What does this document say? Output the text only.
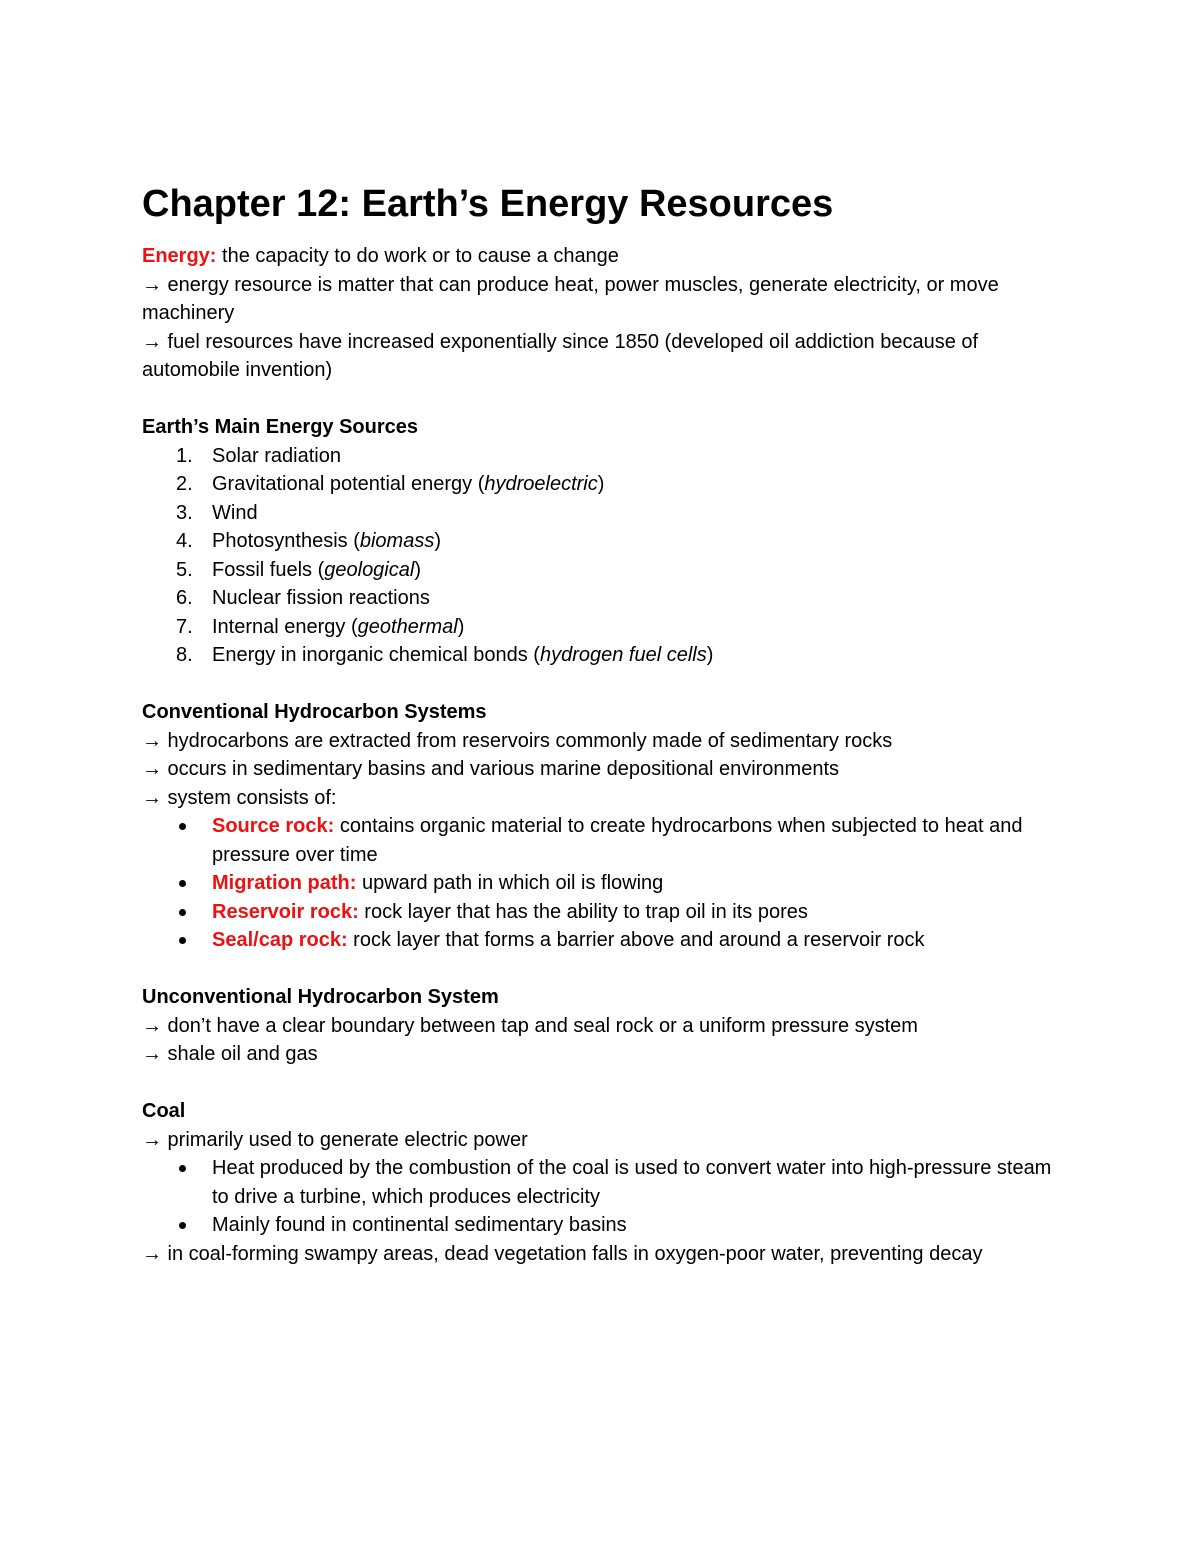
Chapter 12: Earth’s Energy Resources

Energy: the capacity to do work or to cause a change

→ energy resource is matter that can produce heat, power muscles, generate electricity, or move machinery

→ fuel resources have increased exponentially since 1850 (developed oil addiction because of automobile invention)

Earth’s Main Energy Sources

1. Solar radiation
2. Gravitational potential energy (hydroelectric)
3. Wind
4. Photosynthesis (biomass)
5. Fossil fuels (geological)
6. Nuclear fission reactions
7. Internal energy (geothermal)
8. Energy in inorganic chemical bonds (hydrogen fuel cells)

Conventional Hydrocarbon Systems

→ hydrocarbons are extracted from reservoirs commonly made of sedimentary rocks

→ occurs in sedimentary basins and various marine depositional environments

→ system consists of:

Source rock: contains organic material to create hydrocarbons when subjected to heat and pressure over time
Migration path: upward path in which oil is flowing
Reservoir rock: rock layer that has the ability to trap oil in its pores
Seal/cap rock: rock layer that forms a barrier above and around a reservoir rock

Unconventional Hydrocarbon System

→ don’t have a clear boundary between tap and seal rock or a uniform pressure system

→ shale oil and gas

Coal

→ primarily used to generate electric power

Heat produced by the combustion of the coal is used to convert water into high-pressure steam to drive a turbine, which produces electricity
Mainly found in continental sedimentary basins

→ in coal-forming swampy areas, dead vegetation falls in oxygen-poor water, preventing decay
